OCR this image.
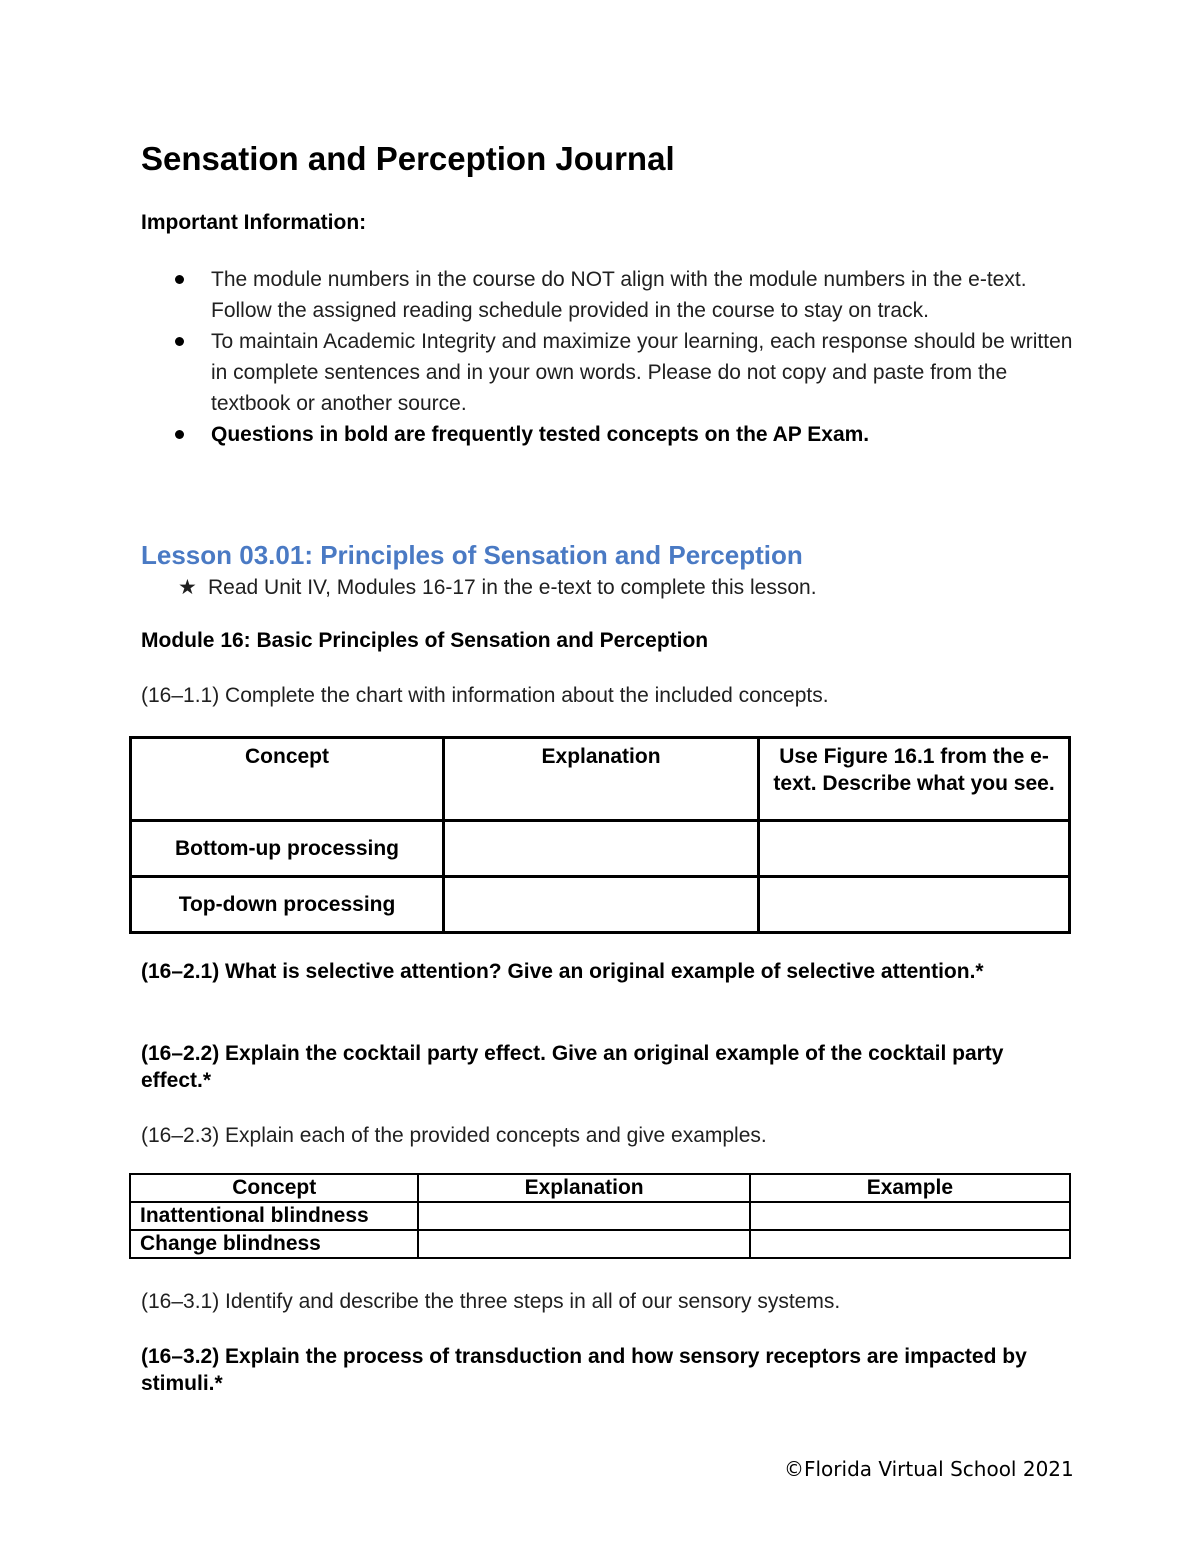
Sensation and Perception Journal
Important Information:
The module numbers in the course do NOT align with the module numbers in the e-text. Follow the assigned reading schedule provided in the course to stay on track.
To maintain Academic Integrity and maximize your learning, each response should be written in complete sentences and in your own words. Please do not copy and paste from the textbook or another source.
Questions in bold are frequently tested concepts on the AP Exam.
Lesson 03.01: Principles of Sensation and Perception
★ Read Unit IV, Modules 16-17 in the e-text to complete this lesson.
Module 16: Basic Principles of Sensation and Perception
(16–1.1) Complete the chart with information about the included concepts.
Concept	Explanation	Use Figure 16.1 from the e-text. Describe what you see.
Bottom-up processing		
Top-down processing		
(16–2.1) What is selective attention? Give an original example of selective attention.*
(16–2.2) Explain the cocktail party effect. Give an original example of the cocktail party effect.*
(16–2.3) Explain each of the provided concepts and give examples.
Concept	Explanation	Example
Inattentional blindness		
Change blindness		
(16–3.1) Identify and describe the three steps in all of our sensory systems.
(16–3.2) Explain the process of transduction and how sensory receptors are impacted by stimuli.*
©Florida Virtual School 2021
